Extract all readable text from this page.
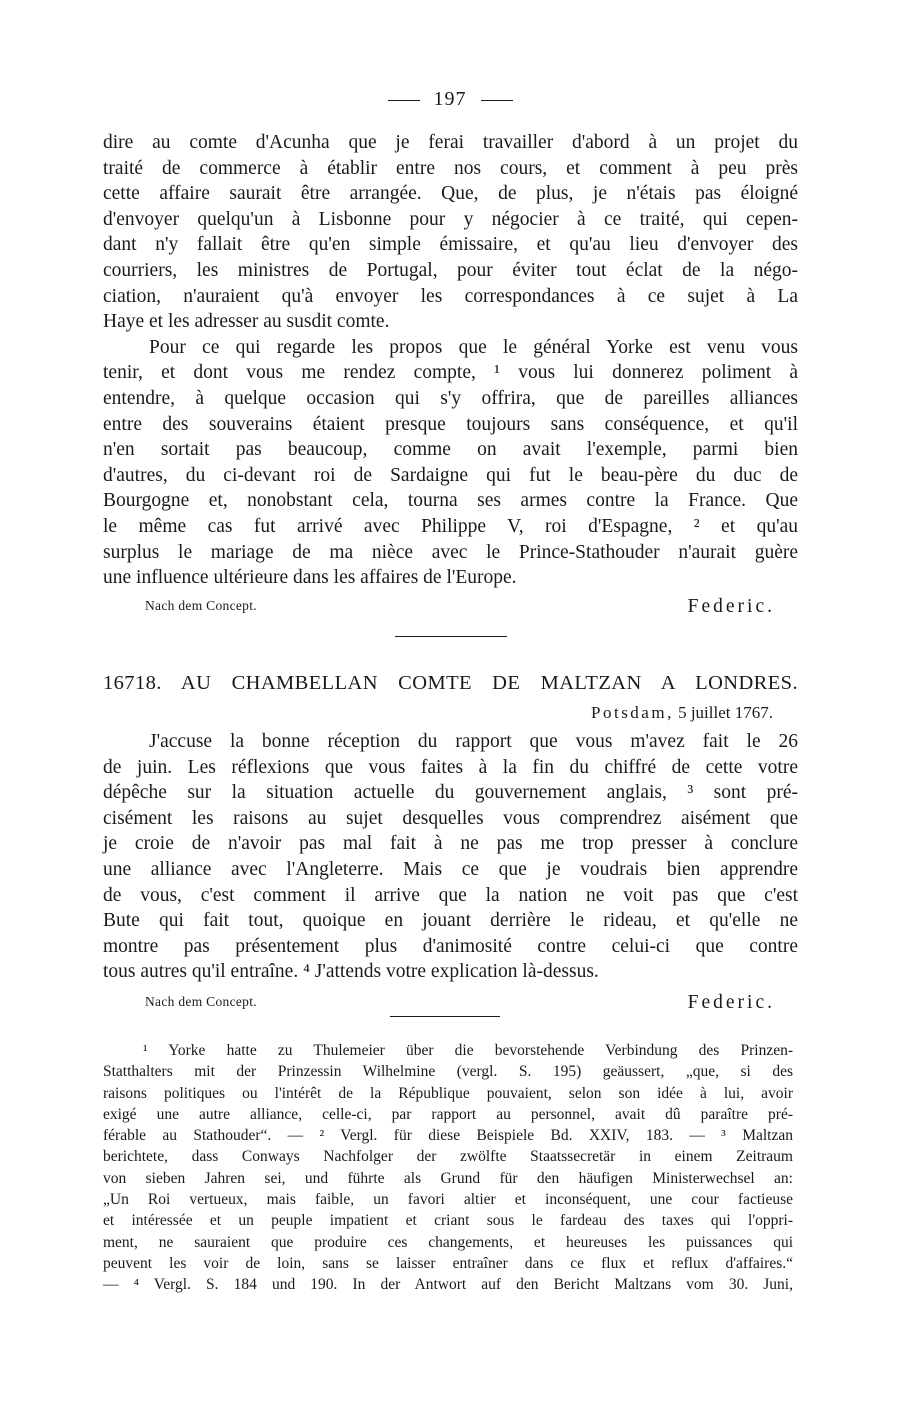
197
dire au comte d'Acunha que je ferai travailler d'abord à un projet du
traité de commerce à établir entre nos cours, et comment à peu près
cette affaire saurait être arrangée. Que, de plus, je n'étais pas éloigné
d'envoyer quelqu'un à Lisbonne pour y négocier à ce traité, qui cepen-
dant n'y fallait être qu'en simple émissaire, et qu'au lieu d'envoyer des
courriers, les ministres de Portugal, pour éviter tout éclat de la négo-
ciation, n'auraient qu'à envoyer les correspondances à ce sujet à La
Haye et les adresser au susdit comte.
Pour ce qui regarde les propos que le général Yorke est venu vous
tenir, et dont vous me rendez compte, ¹ vous lui donnerez poliment à
entendre, à quelque occasion qui s'y offrira, que de pareilles alliances
entre des souverains étaient presque toujours sans conséquence, et qu'il
n'en sortait pas beaucoup, comme on avait l'exemple, parmi bien
d'autres, du ci-devant roi de Sardaigne qui fut le beau-père du duc de
Bourgogne et, nonobstant cela, tourna ses armes contre la France. Que
le même cas fut arrivé avec Philippe V, roi d'Espagne, ² et qu'au
surplus le mariage de ma nièce avec le Prince-Stathouder n'aurait guère
une influence ultérieure dans les affaires de l'Europe.
Nach dem Concept.	Federic.
16718. AU CHAMBELLAN COMTE DE MALTZAN A LONDRES.
Potsdam, 5 juillet 1767.
J'accuse la bonne réception du rapport que vous m'avez fait le 26
de juin. Les réflexions que vous faites à la fin du chiffré de cette votre
dépêche sur la situation actuelle du gouvernement anglais, ³ sont pré-
cisément les raisons au sujet desquelles vous comprendrez aisément que
je croie de n'avoir pas mal fait à ne pas me trop presser à conclure
une alliance avec l'Angleterre. Mais ce que je voudrais bien apprendre
de vous, c'est comment il arrive que la nation ne voit pas que c'est
Bute qui fait tout, quoique en jouant derrière le rideau, et qu'elle ne
montre pas présentement plus d'animosité contre celui-ci que contre
tous autres qu'il entraîne. ⁴ J'attends votre explication là-dessus.
Nach dem Concept.	Federic.
¹ Yorke hatte zu Thulemeier über die bevorstehende Verbindung des Prinzen-
Statthalters mit der Prinzessin Wilhelmine (vergl. S. 195) geäussert, „que, si des
raisons politiques ou l'intérêt de la République pouvaient, selon son idée à lui, avoir
exigé une autre alliance, celle-ci, par rapport au personnel, avait dû paraître pré-
férable au Stathouder“. — ² Vergl. für diese Beispiele Bd. XXIV, 183. — ³ Maltzan
berichtete, dass Conways Nachfolger der zwölfte Staatssecretär in einem Zeitraum
von sieben Jahren sei, und führte als Grund für den häufigen Ministerwechsel an:
„Un Roi vertueux, mais faible, un favori altier et inconséquent, une cour factieuse
et intéressée et un peuple impatient et criant sous le fardeau des taxes qui l'oppri-
ment, ne sauraient que produire ces changements, et heureuses les puissances qui
peuvent les voir de loin, sans se laisser entraîner dans ce flux et reflux d'affaires.“
— ⁴ Vergl. S. 184 und 190. In der Antwort auf den Bericht Maltzans vom 30. Juni,
